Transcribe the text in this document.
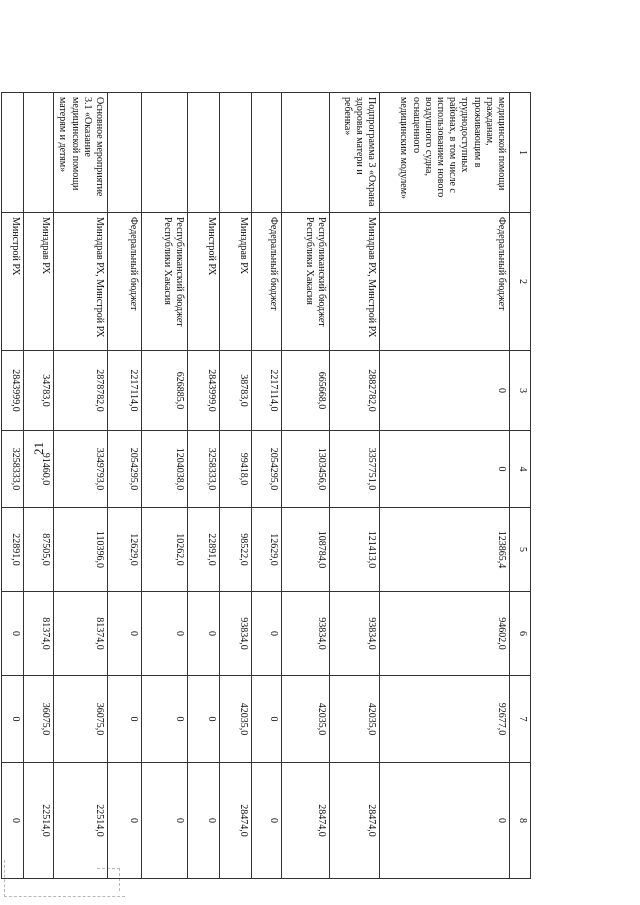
21
1	2	3	4	5	6	7	8
медицинской помощи гражданам, проживающим в труднодоступных районах, в том числе с использованием нового воздушного судна, оснащенного медицинским модулем»	Федеральный бюджет	0	0	123865,4	94602,0	92677,0	0
Подпрограмма 3 «Охрана здоровья матери и ребенка»	Минздрав РХ, Минстрой РХ	2882782,0	3357751,0	121413,0	93834,0	42035,0	28474,0
	Республиканский бюджет Республики Хакасия	665668,0	1303456,0	108784,0	93834,0	42035,0	28474,0
	Федеральный бюджет	2217114,0	2054295,0	12629,0	0	0	0
	Минздрав РХ	38783,0	99418,0	98522,0	93834,0	42035,0	28474,0
	Минстрой РХ	2843999,0	3258333,0	22891,0	0	0	0
	Республиканский бюджет Республики Хакасия	626885,0	1204038,0	10262,0	0	0	0
	Федеральный бюджет	2217114,0	2054295,0	12629,0	0	0	0
Основное мероприятие 3.1 «Оказание медицинской помощи матерям и детям»	Минздрав РХ, Минстрой РХ	2878782,0	3349793,0	110396,0	81374,0	36075,0	22514,0
	Минздрав РХ	34783,0	91460,0	87505,0	81374,0	36075,0	22514,0
	Минстрой РХ	2843999,0	3258333,0	22891,0	0	0	0
